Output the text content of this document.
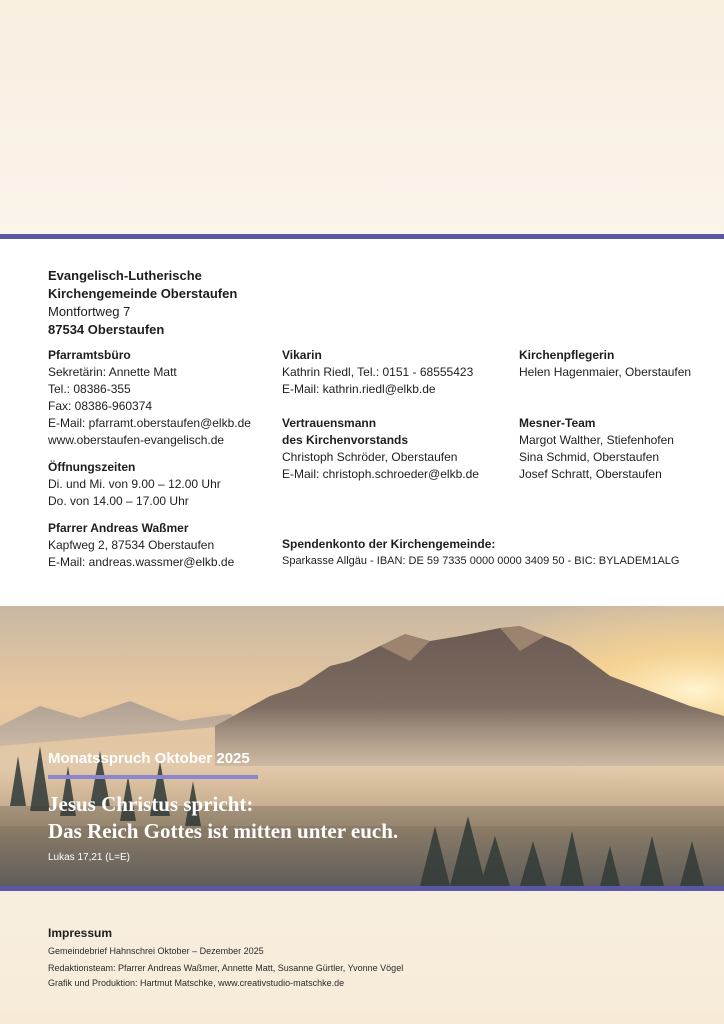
Evangelisch-Lutherische
Kirchengemeinde Oberstaufen
Montfortweg 7
87534 Oberstaufen
Pfarramtsbüro
Sekretärin: Annette Matt
Tel.: 08386-355
Fax: 08386-960374
E-Mail: pfarramt.oberstaufen@elkb.de
www.oberstaufen-evangelisch.de
Öffnungszeiten
Di. und Mi. von 9.00 – 12.00 Uhr
Do. von 14.00 – 17.00 Uhr
Pfarrer Andreas Waßmer
Kapfweg 2, 87534 Oberstaufen
E-Mail: andreas.wassmer@elkb.de
Vikarin
Kathrin Riedl, Tel.: 0151 - 68555423
E-Mail: kathrin.riedl@elkb.de
Vertrauensmann
des Kirchenvorstands
Christoph Schröder, Oberstaufen
E-Mail: christoph.schroeder@elkb.de
Kirchenpflegerin
Helen Hagenmaier, Oberstaufen
Mesner-Team
Margot Walther, Stiefenhofen
Sina Schmid, Oberstaufen
Josef Schratt, Oberstaufen
Spendenkonto der Kirchengemeinde:
Sparkasse Allgäu - IBAN: DE 59 7335 0000 0000 3409 50 - BIC: BYLADEM1ALG
Monatsspruch Oktober 2025
Jesus Christus spricht:
Das Reich Gottes ist mitten unter euch.
Lukas 17,21 (L=E)
Impressum
Gemeindebrief Hahnschrei Oktober – Dezember 2025
Redaktionsteam: Pfarrer Andreas Waßmer, Annette Matt, Susanne Gürtler, Yvonne Vögel
Grafik und Produktion: Hartmut Matschke, www.creativstudio-matschke.de
